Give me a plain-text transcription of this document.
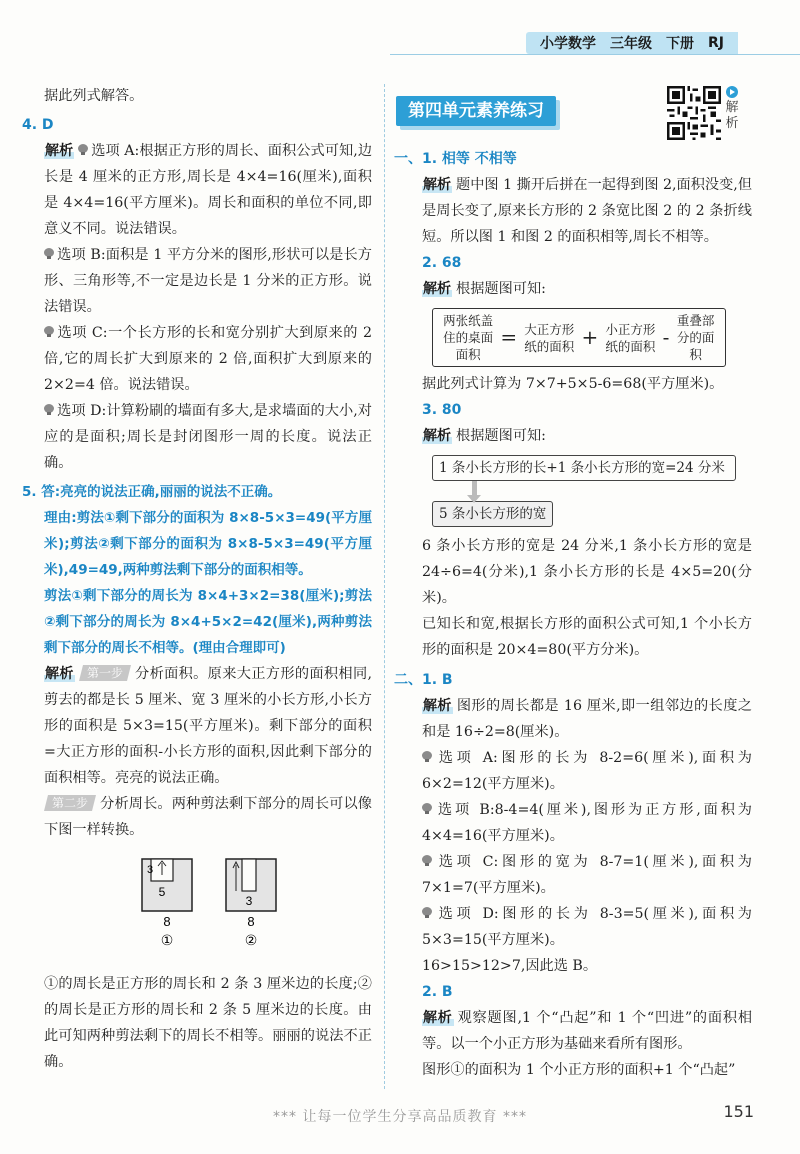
小学数学 三年级 下册 RJ
第四单元素养练习	解析

据此列式解答。

4. D

解析 选项 A:根据正方形的周长、面积公式可知,边长是 4 厘米的正方形,周长是 4×4=16(厘米),面积是 4×4=16(平方厘米)。周长和面积的单位不同,即意义不同。说法错误。

选项 B:面积是 1 平方分米的图形,形状可以是长方形、三角形等,不一定是边长是 1 分米的正方形。说法错误。

选项 C:一个长方形的长和宽分别扩大到原来的 2 倍,它的周长扩大到原来的 2 倍,面积扩大到原来的 2×2=4 倍。说法错误。

选项 D:计算粉刷的墙面有多大,是求墙面的大小,对应的是面积;周长是封闭图形一周的长度。说法正确。

5. 答:亮亮的说法正确,丽丽的说法不正确。

理由:剪法①剩下部分的面积为 8×8-5×3=49(平方厘米);剪法②剩下部分的面积为 8×8-5×3=49(平方厘米),49=49,两种剪法剩下部分的面积相等。

剪法①剩下部分的周长为 8×4+3×2=38(厘米);剪法②剩下部分的周长为 8×4+5×2=42(厘米),两种剪法剩下部分的周长不相等。(理由合理即可)

解析 第一步 分析面积。原来大正方形的面积相同,剪去的都是长 5 厘米、宽 3 厘米的小长方形,小长方形的面积是 5×3=15(平方厘米)。剩下部分的面积=大正方形的面积-小长方形的面积,因此剩下部分的面积相等。亮亮的说法正确。

第二步 分析周长。两种剪法剩下部分的周长可以像下图一样转换。

3
5
8
①
3
8
②

①的周长是正方形的周长和 2 条 3 厘米边的长度;②的周长是正方形的周长和 2 条 5 厘米边的长度。由此可知两种剪法剩下的周长不相等。丽丽的说法不正确。

一、1. 相等 不相等

解析 题中图 1 撕开后拼在一起得到图 2,面积没变,但是周长变了,原来长方形的 2 条宽比图 2 的 2 条折线短。所以图 1 和图 2 的面积相等,周长不相等。

2. 68

解析 根据题图可知:

两张纸盖住的桌面面积
= 大正方形纸的面积 + 小正方形纸的面积 -
重叠部分的面积

据此列式计算为 7×7+5×5-6=68(平方厘米)。

3. 80

解析 根据题图可知:

1 条小长方形的长+1 条小长方形的宽=24 分米
5 条小长方形的宽

6 条小长方形的宽是 24 分米,1 条小长方形的宽是 24÷6=4(分米),1 条小长方形的长是 4×5=20(分米)。

已知长和宽,根据长方形的面积公式可知,1 个小长方形的面积是 20×4=80(平方分米)。

二、1. B

解析 图形的周长都是 16 厘米,即一组邻边的长度之和是 16÷2=8(厘米)。

选项 A:图形的长为 8-2=6(厘米),面积为 6×2=12(平方厘米)。

选项 B:8-4=4(厘米),图形为正方形,面积为 4×4=16(平方厘米)。

选项 C:图形的宽为 8-7=1(厘米),面积为 7×1=7(平方厘米)。

选项 D:图形的长为 8-3=5(厘米),面积为 5×3=15(平方厘米)。

16>15>12>7,因此选 B。

2. B

解析 观察题图,1 个“凸起”和 1 个“凹进”的面积相等。以一个小正方形为基础来看所有图形。

图形①的面积为 1 个小正方形的面积+1 个“凸起”

*** 让每一位学生分享高品质教育 ***	151
